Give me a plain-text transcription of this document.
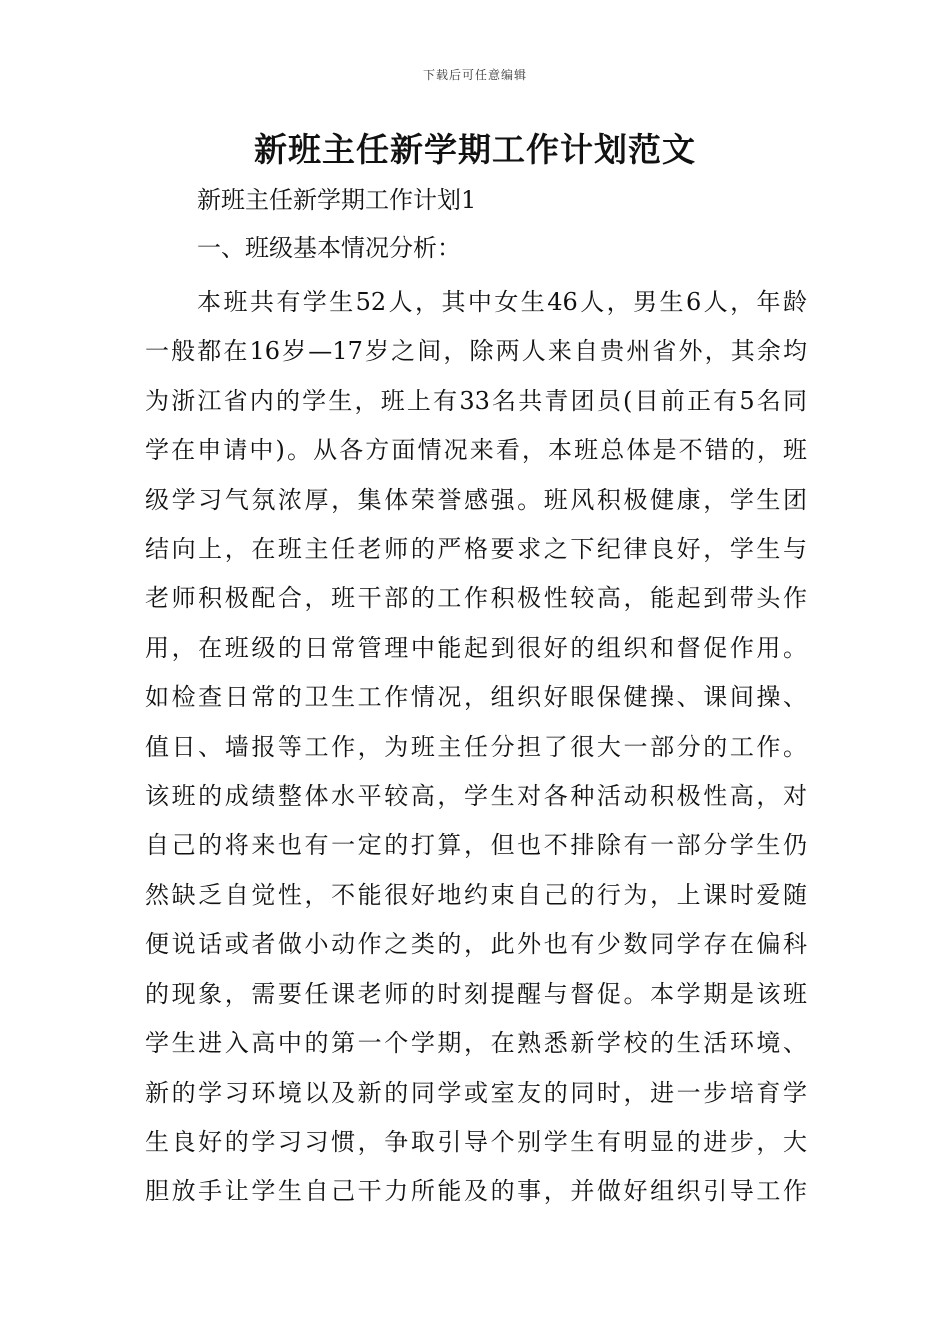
下载后可任意编辑
新班主任新学期工作计划范文

新班主任新学期工作计划1

一、班级基本情况分析：

本班共有学生52人，其中女生46人，男生6人，年龄
一般都在16岁—17岁之间，除两人来自贵州省外，其余均
为浙江省内的学生，班上有33名共青团员(目前正有5名同
学在申请中)。从各方面情况来看，本班总体是不错的，班
级学习气氛浓厚，集体荣誉感强。班风积极健康，学生团
结向上，在班主任老师的严格要求之下纪律良好，学生与
老师积极配合，班干部的工作积极性较高，能起到带头作
用，在班级的日常管理中能起到很好的组织和督促作用。
如检查日常的卫生工作情况，组织好眼保健操、课间操、
值日、墙报等工作，为班主任分担了很大一部分的工作。
该班的成绩整体水平较高，学生对各种活动积极性高，对
自己的将来也有一定的打算，但也不排除有一部分学生仍
然缺乏自觉性，不能很好地约束自己的行为，上课时爱随
便说话或者做小动作之类的，此外也有少数同学存在偏科
的现象，需要任课老师的时刻提醒与督促。本学期是该班
学生进入高中的第一个学期，在熟悉新学校的生活环境、
新的学习环境以及新的同学或室友的同时，进一步培育学
生良好的学习习惯，争取引导个别学生有明显的进步，大
胆放手让学生自己干力所能及的事，并做好组织引导工作
